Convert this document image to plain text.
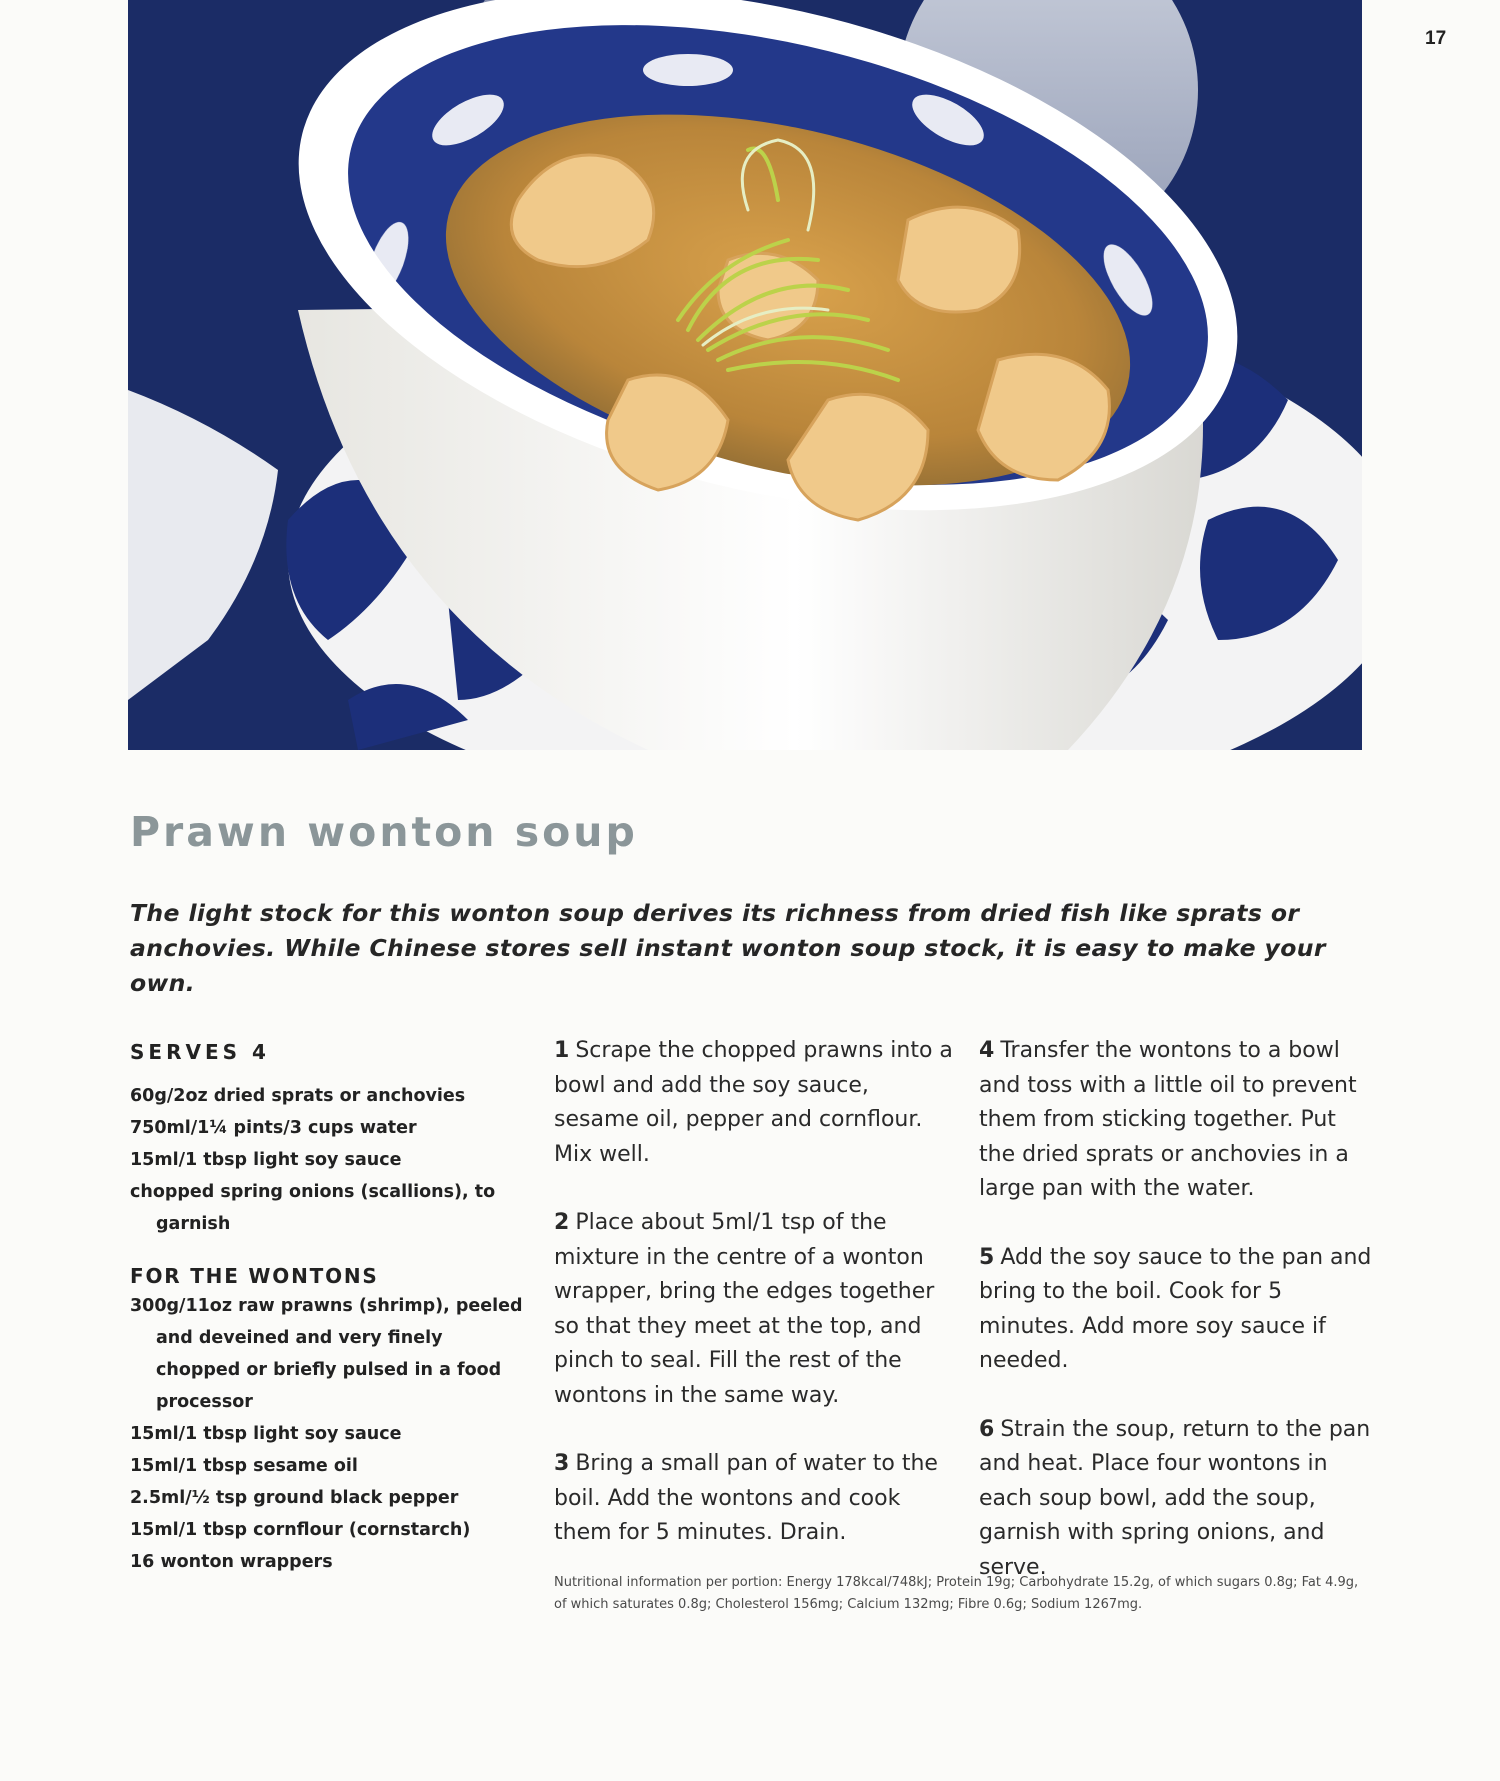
17
Prawn wonton soup

The light stock for this wonton soup derives its richness from dried fish like sprats or anchovies. While Chinese stores sell instant wonton soup stock, it is easy to make your own.

SERVES 4
60g/2oz dried sprats or anchovies
750ml/1¼ pints/3 cups water
15ml/1 tbsp light soy sauce
chopped spring onions (scallions), to garnish
FOR THE WONTONS
300g/11oz raw prawns (shrimp), peeled and deveined and very finely chopped or briefly pulsed in a food processor
15ml/1 tbsp light soy sauce
15ml/1 tbsp sesame oil
2.5ml/½ tsp ground black pepper
15ml/1 tbsp cornflour (cornstarch)
16 wonton wrappers

1 Scrape the chopped prawns into a bowl and add the soy sauce, sesame oil, pepper and cornflour. Mix well.

2 Place about 5ml/1 tsp of the mixture in the centre of a wonton wrapper, bring the edges together so that they meet at the top, and pinch to seal. Fill the rest of the wontons in the same way.

3 Bring a small pan of water to the boil. Add the wontons and cook them for 5 minutes. Drain.

4 Transfer the wontons to a bowl and toss with a little oil to prevent them from sticking together. Put the dried sprats or anchovies in a large pan with the water.

5 Add the soy sauce to the pan and bring to the boil. Cook for 5 minutes. Add more soy sauce if needed.

6 Strain the soup, return to the pan and heat. Place four wontons in each soup bowl, add the soup, garnish with spring onions, and serve.

Nutritional information per portion: Energy 178kcal/748kJ; Protein 19g; Carbohydrate 15.2g, of which sugars 0.8g; Fat 4.9g, of which saturates 0.8g; Cholesterol 156mg; Calcium 132mg; Fibre 0.6g; Sodium 1267mg.
